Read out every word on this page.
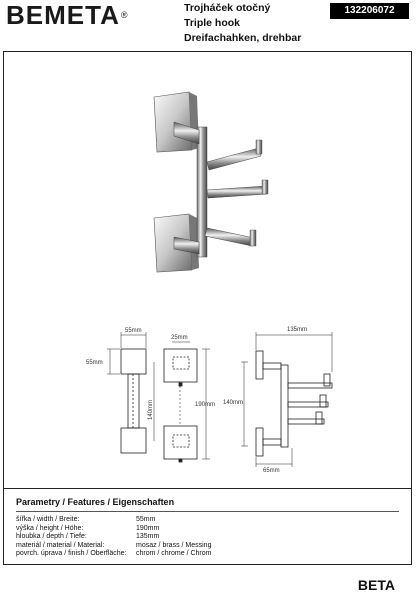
BEMETA®
Trojháček otočný
Triple hook
Dreifachahken, drehbar
132206072
55mm
55mm
140mm
25mm
190mm 140mm
135mm
65mm
Parametry / Features / Eigenschaften
šířka / width / Breite:	55mm
výška / height / Höhe:	190mm
hloubka / depth / Tiefe:	135mm
materiál / material / Material:	mosaz / brass / Messing
povrch. úprava / finish / Oberfläche:	chrom / chrome / Chrom
BETA
